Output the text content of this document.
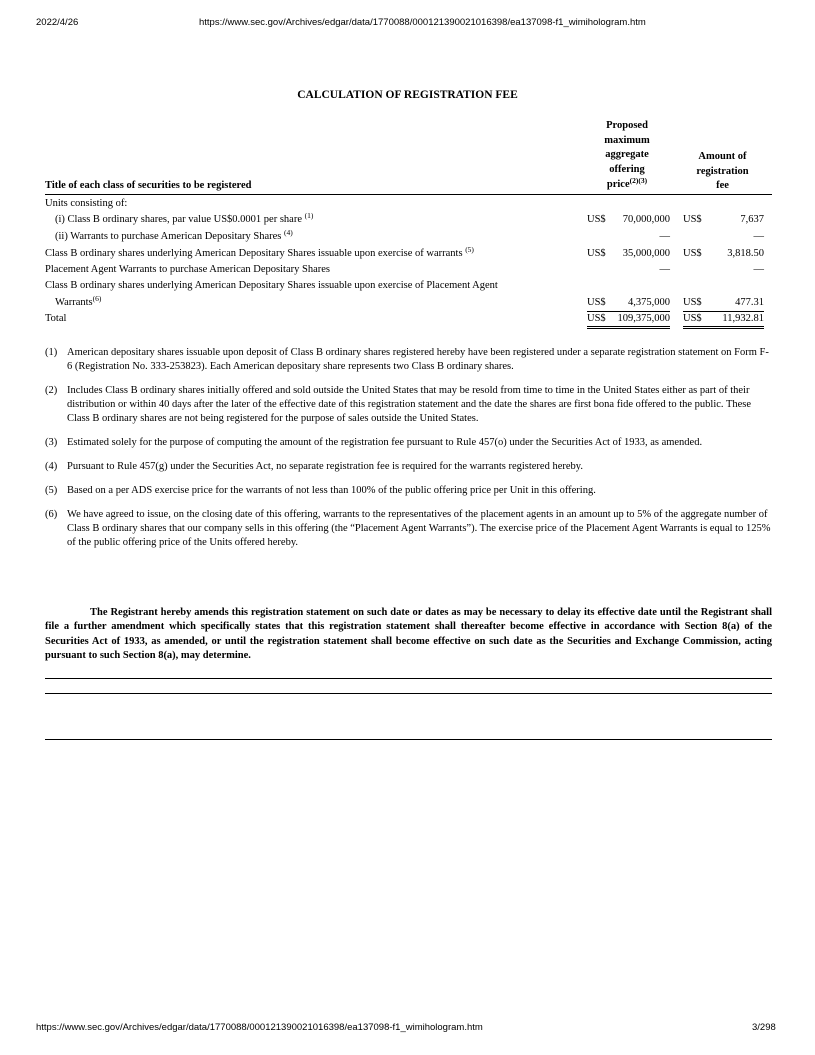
2022/4/26	https://www.sec.gov/Archives/edgar/data/1770088/000121390021016398/ea137098-f1_wimihologram.htm
CALCULATION OF REGISTRATION FEE
Title of each class of securities to be registered
Proposed
maximum
aggregate
offering
price$^{(2)(3)}$
Amount of
registration
fee
Units consisting of:
(i) Class B ordinary shares, par value US$0.0001 per share $^{(1)}$	US$ 70,000,000 US$	7,637
(ii) Warrants to purchase American Depositary Shares $^{(4)}$	—	—
Class B ordinary shares underlying American Depositary Shares issuable upon exercise of warrants $^{(5)}$	US$ 35,000,000 US$ 3,818.50
Placement Agent Warrants to purchase American Depositary Shares	—	—
Class B ordinary shares underlying American Depositary Shares issuable upon exercise of Placement Agent
Warrants$^{(6)}$	US$ 4,375,000 US$	477.31
Total	US$ 109,375,000 US$ 11,932.81
(1) American depositary shares issuable upon deposit of Class B ordinary shares registered hereby have been registered under a separate registration statement on Form F-6 (Registration No. 333-253823). Each American depositary share represents two Class B ordinary shares.
(2) Includes Class B ordinary shares initially offered and sold outside the United States that may be resold from time to time in the United States either as part of their distribution or within 40 days after the later of the effective date of this registration statement and the date the shares are first bona fide offered to the public. These Class B ordinary shares are not being registered for the purpose of sales outside the United States.
(3) Estimated solely for the purpose of computing the amount of the registration fee pursuant to Rule 457(o) under the Securities Act of 1933, as amended.
(4) Pursuant to Rule 457(g) under the Securities Act, no separate registration fee is required for the warrants registered hereby.
(5) Based on a per ADS exercise price for the warrants of not less than 100% of the public offering price per Unit in this offering.
(6) We have agreed to issue, on the closing date of this offering, warrants to the representatives of the placement agents in an amount up to 5% of the aggregate number of Class B ordinary shares that our company sells in this offering (the “Placement Agent Warrants”). The exercise price of the Placement Agent Warrants is equal to 125% of the public offering price of the Units offered hereby.
The Registrant hereby amends this registration statement on such date or dates as may be necessary to delay its effective date until the Registrant shall file a further amendment which specifically states that this registration statement shall thereafter become effective in accordance with Section 8(a) of the Securities Act of 1933, as amended, or until the registration statement shall become effective on such date as the Securities and Exchange Commission, acting pursuant to such Section 8(a), may determine.
https://www.sec.gov/Archives/edgar/data/1770088/000121390021016398/ea137098-f1_wimihologram.htm	3/298
